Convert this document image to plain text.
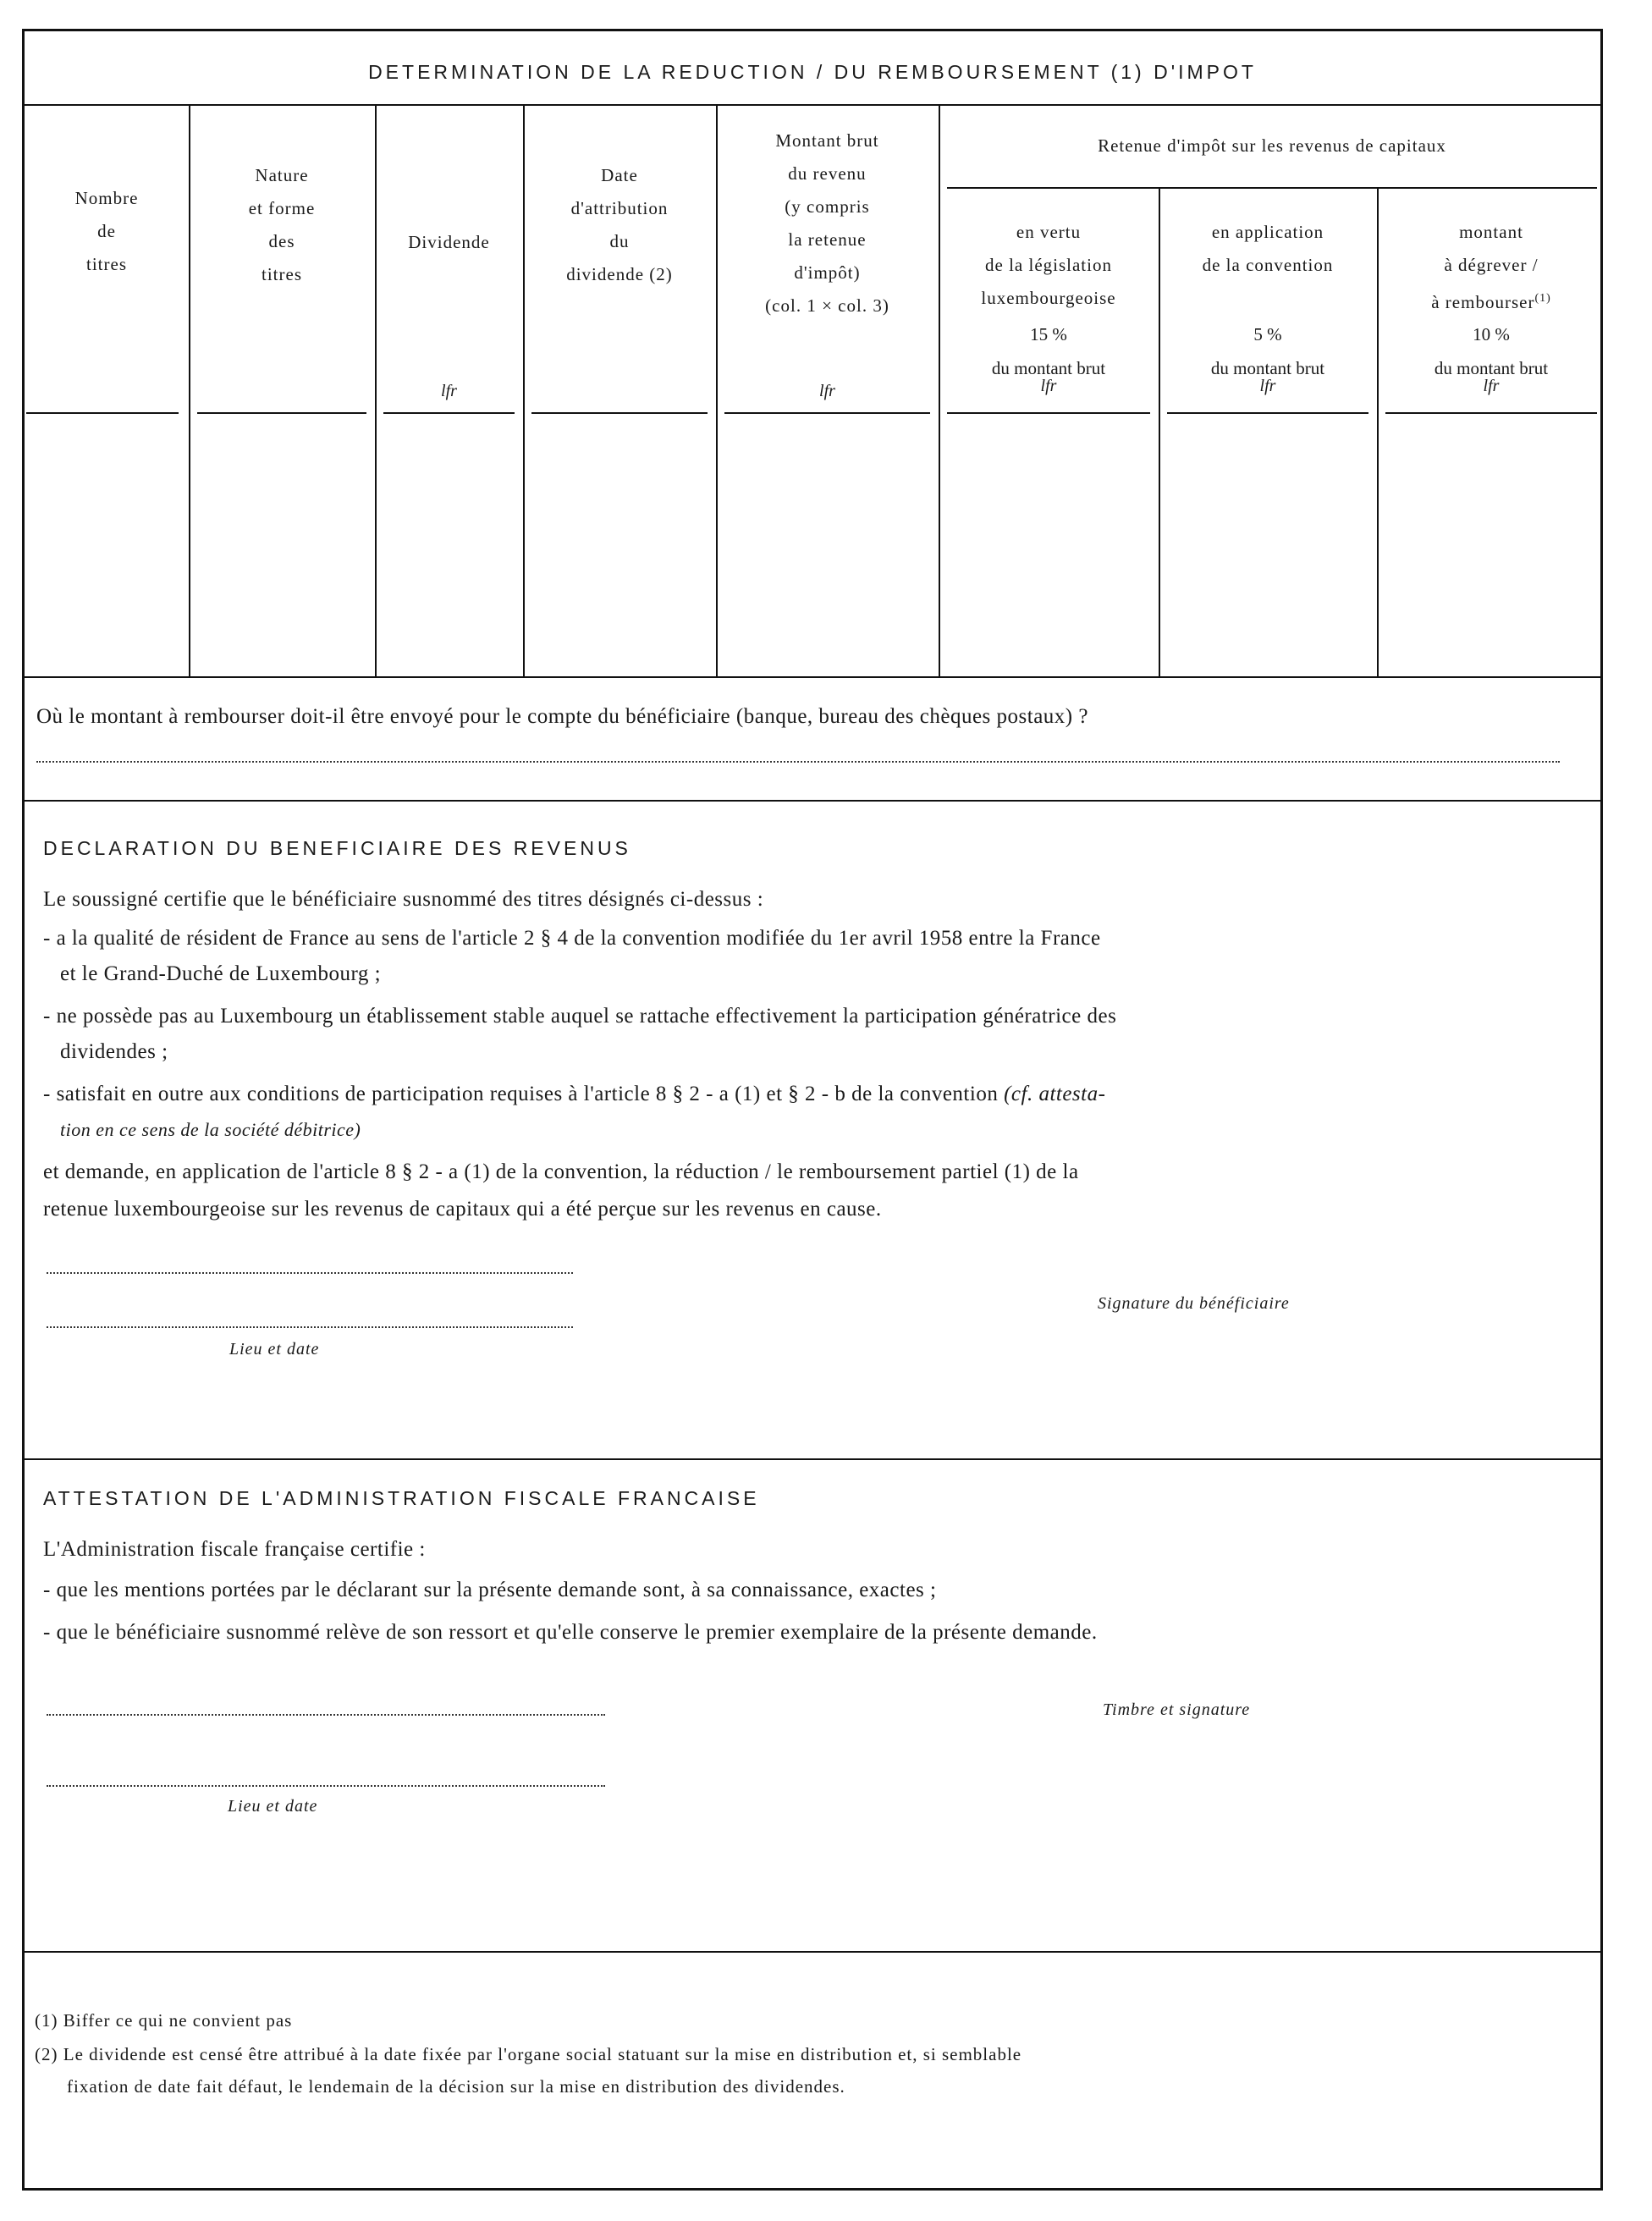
DETERMINATION DE LA REDUCTION / DU REMBOURSEMENT (1) D'IMPOT
Nombre
de
titres
Nature
et forme
des
titres
Dividende
lfr
Date
d'attribution
du
dividende (2)
Montant brut
du revenu
(y compris
la retenue
d'impôt)
(col. 1 × col. 3)
lfr
Retenue d'impôt sur les revenus de capitaux
en vertu
de la législation
luxembourgeoise
15 %
du montant brut
lfr
en application
de la convention
5 %
du montant brut
lfr
montant
à dégrever /
à rembourser$^{(1)}$
10 %
du montant brut
lfr
Où le montant à rembourser doit-il être envoyé pour le compte du bénéficiaire (banque, bureau des chèques postaux) ?
DECLARATION DU BENEFICIAIRE DES REVENUS
Le soussigné certifie que le bénéficiaire susnommé des titres désignés ci-dessus :
- a la qualité de résident de France au sens de l'article 2 § 4 de la convention modifiée du 1er avril 1958 entre la France
et le Grand-Duché de Luxembourg ;
- ne possède pas au Luxembourg un établissement stable auquel se rattache effectivement la participation génératrice des
dividendes ;
- satisfait en outre aux conditions de participation requises à l'article 8 § 2 - a (1) et § 2 - b de la convention (cf. attesta-
tion en ce sens de la société débitrice)
et demande, en application de l'article 8 § 2 - a (1) de la convention, la réduction / le remboursement partiel (1) de la
retenue luxembourgeoise sur les revenus de capitaux qui a été perçue sur les revenus en cause.
Signature du bénéficiaire
Lieu et date
ATTESTATION DE L'ADMINISTRATION FISCALE FRANCAISE
L'Administration fiscale française certifie :
- que les mentions portées par le déclarant sur la présente demande sont, à sa connaissance, exactes ;
- que le bénéficiaire susnommé relève de son ressort et qu'elle conserve le premier exemplaire de la présente demande.
Timbre et signature
Lieu et date
(1) Biffer ce qui ne convient pas
(2) Le dividende est censé être attribué à la date fixée par l'organe social statuant sur la mise en distribution et, si semblable
fixation de date fait défaut, le lendemain de la décision sur la mise en distribution des dividendes.
